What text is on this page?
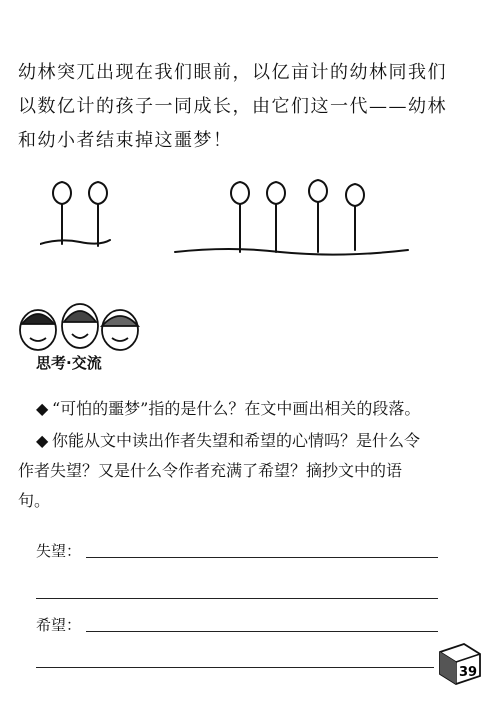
幼林突兀出现在我们眼前，以亿亩计的幼林同我们
以数亿计的孩子一同成长，由它们这一代——幼林
和幼小者结束掉这噩梦！
思考·交流
◆ “可怕的噩梦”指的是什么？在文中画出相关的段落。
◆ 你能从文中读出作者失望和希望的心情吗？是什么令
作者失望？又是什么令作者充满了希望？摘抄文中的语
句。
失望：
希望：
39
